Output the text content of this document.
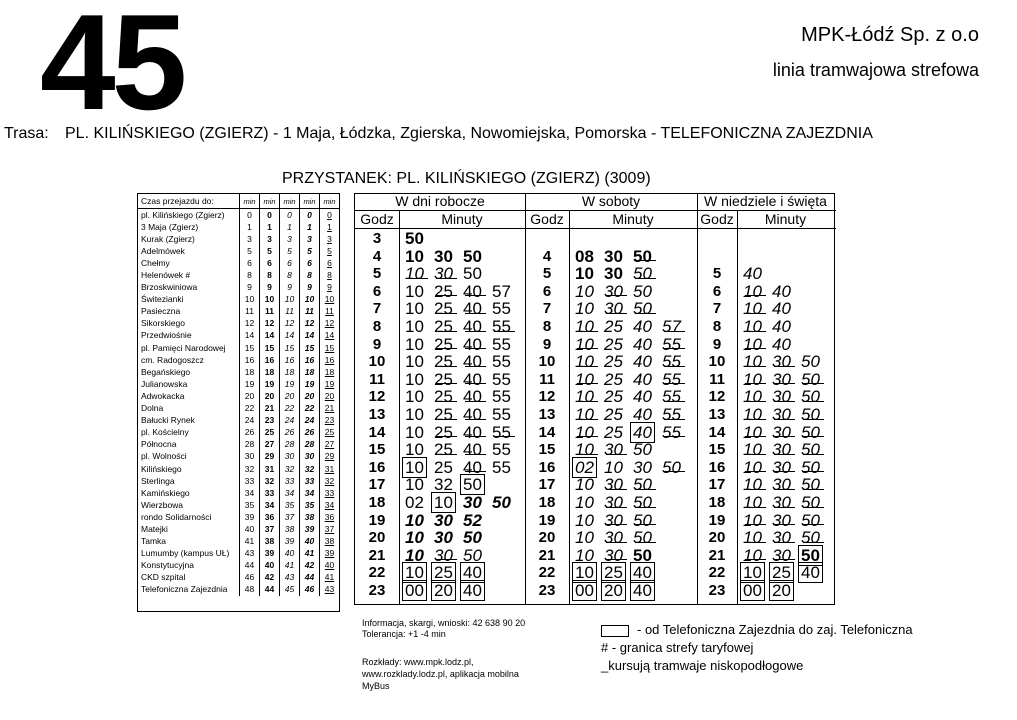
45	MPK-Łódź Sp. z o.o
linia tramwajowa strefowa
Trasa: PL. KILIŃSKIEGO (ZGIERZ) - 1 Maja, Łódzka, Zgierska, Nowomiejska, Pomorska - TELEFONICZNA ZAJEZDNIA
PRZYSTANEK: PL. KILIŃSKIEGO (ZGIERZ) (3009)
Czas przejazdu do:	min	min	min	min	min
pl. Kilińskiego (Zgierz)	0	0	0	0	0
3 Maja (Zgierz)	1	1	1	1	1
Kurak (Zgierz)	3	3	3	3	3
Adelmówek	5	5	5	5	5
Chełmy	6	6	6	6	6
Helenówek #	8	8	8	8	8
Brzoskwiniowa	9	9	9	9	9
Świtezianki	10	10	10	10	10
Pasieczna	11	11	11	11	11
Sikorskiego	12	12	12	12	12
Przedwiośnie	14	14	14	14	14
pl. Pamięci Narodowej	15	15	15	15	15
cm. Radogoszcz	16	16	16	16	16
Begańskiego	18	18	18	18	18
Julianowska	19	19	19	19	19
Adwokacka	20	20	20	20	20
Dolna	22	21	22	22	21
Bałucki Rynek	24	23	24	24	23
pl. Kościelny	26	25	26	26	25
Północna	28	27	28	28	27
pl. Wolności	30	29	30	30	29
Kilińskiego	32	31	32	32	31
Sterlinga	33	32	33	33	32
Kamińskiego	34	33	34	34	33
Wierzbowa	35	34	35	35	34
rondo Solidarności	39	36	37	38	36
Matejki	40	37	38	39	37
Tamka	41	38	39	40	38
Lumumby (kampus UŁ)	43	39	40	41	39
Konstytucyjna	44	40	41	42	40
CKD szpital	46	42	43	44	41
Telefoniczna Zajezdnia	48	44	45	46	43
W dni robocze
Godz	Minuty
3	50
4	10 30 50
5	10 30 50
6	10 25 40 57
7	10 25 40 55
8	10 25 40 55
9	10 25 40 55
10	10 25 40 55
11	10 25 40 55
12	10 25 40 55
13	10 25 40 55
14	10 25 40 55
15	10 25 40 55
16	10 25 40 55
17	10 32 50
18	02 10 30 50
19	10 30 52
20	10 30 50
21	10 30 50
22	10 25 40
23	00 20 40
W soboty
Godz	Minuty
4	08 30 50
5	10 30 50
6	10 30 50
7	10 30 50
8	10 25 40 57
9	10 25 40 55
10	10 25 40 55
11	10 25 40 55
12	10 25 40 55
13	10 25 40 55
14	10 25 40 55
15	10 30 50
16	02 10 30 50
17	10 30 50
18	10 30 50
19	10 30 50
20	10 30 50
21	10 30 50
22	10 25 40
23	00 20 40
W niedziele i święta
Godz	Minuty
5	40
6	10 40
7	10 40
8	10 40
9	10 40
10	10 30 50
11	10 30 50
12	10 30 50
13	10 30 50
14	10 30 50
15	10 30 50
16	10 30 50
17	10 30 50
18	10 30 50
19	10 30 50
20	10 30 50
21	10 30 50
22	10 25 40
23	00 20
Informacja, skargi, wnioski: 42 638 90 20
Tolerancja: +1 -4 min
Rozkłady: www.mpk.lodz.pl,
www.rozklady.lodz.pl, aplikacja mobilna
MyBus
- od Telefoniczna Zajezdnia do zaj. Telefoniczna
# - granica strefy taryfowej
_kursują tramwaje niskopodłogowe
